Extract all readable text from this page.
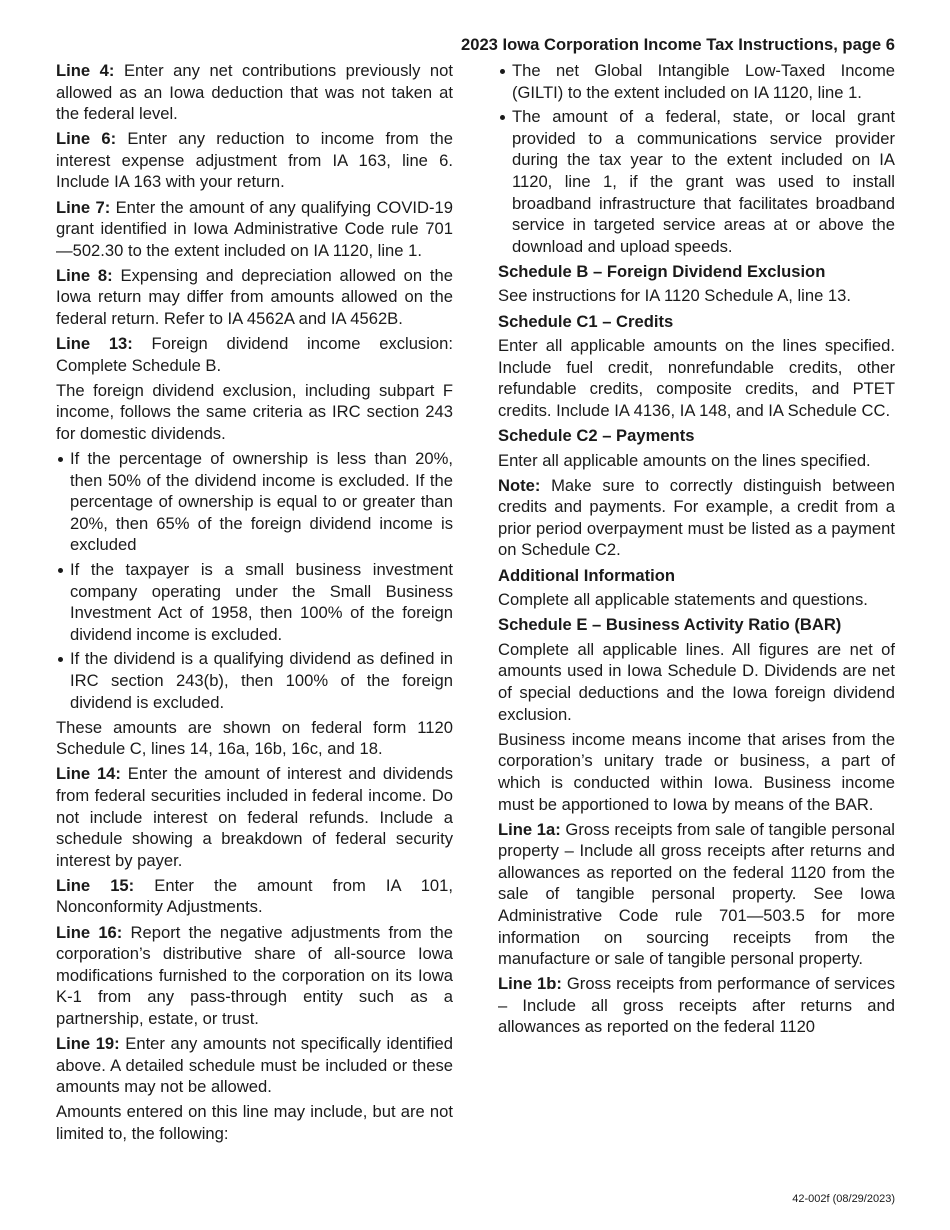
2023 Iowa Corporation Income Tax Instructions, page 6

Line 4: Enter any net contributions previously not allowed as an Iowa deduction that was not taken at the federal level.

Line 6: Enter any reduction to income from the interest expense adjustment from IA 163, line 6. Include IA 163 with your return.

Line 7: Enter the amount of any qualifying COVID-19 grant identified in Iowa Administrative Code rule 701—502.30 to the extent included on IA 1120, line 1.

Line 8: Expensing and depreciation allowed on the Iowa return may differ from amounts allowed on the federal return. Refer to IA 4562A and IA 4562B.

Line 13: Foreign dividend income exclusion: Complete Schedule B.

The foreign dividend exclusion, including subpart F income, follows the same criteria as IRC section 243 for domestic dividends.

If the percentage of ownership is less than 20%, then 50% of the dividend income is excluded. If the percentage of ownership is equal to or greater than 20%, then 65% of the foreign dividend income is excluded
If the taxpayer is a small business investment company operating under the Small Business Investment Act of 1958, then 100% of the foreign dividend income is excluded.
If the dividend is a qualifying dividend as defined in IRC section 243(b), then 100% of the foreign dividend is excluded.

These amounts are shown on federal form 1120 Schedule C, lines 14, 16a, 16b, 16c, and 18.

Line 14: Enter the amount of interest and dividends from federal securities included in federal income. Do not include interest on federal refunds. Include a schedule showing a breakdown of federal security interest by payer.

Line 15: Enter the amount from IA 101, Nonconformity Adjustments.

Line 16: Report the negative adjustments from the corporation’s distributive share of all-source Iowa modifications furnished to the corporation on its Iowa K-1 from any pass-through entity such as a partnership, estate, or trust.

Line 19: Enter any amounts not specifically identified above. A detailed schedule must be included or these amounts may not be allowed.

Amounts entered on this line may include, but are not limited to, the following:

The net Global Intangible Low-Taxed Income (GILTI) to the extent included on IA 1120, line 1.
The amount of a federal, state, or local grant provided to a communications service provider during the tax year to the extent included on IA 1120, line 1, if the grant was used to install broadband infrastructure that facilitates broadband service in targeted service areas at or above the download and upload speeds.
Schedule B – Foreign Dividend Exclusion

See instructions for IA 1120 Schedule A, line 13.

Schedule C1 – Credits

Enter all applicable amounts on the lines specified. Include fuel credit, nonrefundable credits, other refundable credits, composite credits, and PTET credits. Include IA 4136, IA 148, and IA Schedule CC.

Schedule C2 – Payments

Enter all applicable amounts on the lines specified.

Note: Make sure to correctly distinguish between credits and payments. For example, a credit from a prior period overpayment must be listed as a payment on Schedule C2.

Additional Information

Complete all applicable statements and questions.

Schedule E – Business Activity Ratio (BAR)

Complete all applicable lines. All figures are net of amounts used in Iowa Schedule D. Dividends are net of special deductions and the Iowa foreign dividend exclusion.

Business income means income that arises from the corporation’s unitary trade or business, a part of which is conducted within Iowa. Business income must be apportioned to Iowa by means of the BAR.

Line 1a: Gross receipts from sale of tangible personal property – Include all gross receipts after returns and allowances as reported on the federal 1120 from the sale of tangible personal property. See Iowa Administrative Code rule 701—503.5 for more information on sourcing receipts from the manufacture or sale of tangible personal property.

Line 1b: Gross receipts from performance of services – Include all gross receipts after returns and allowances as reported on the federal 1120

42-002f (08/29/2023)
